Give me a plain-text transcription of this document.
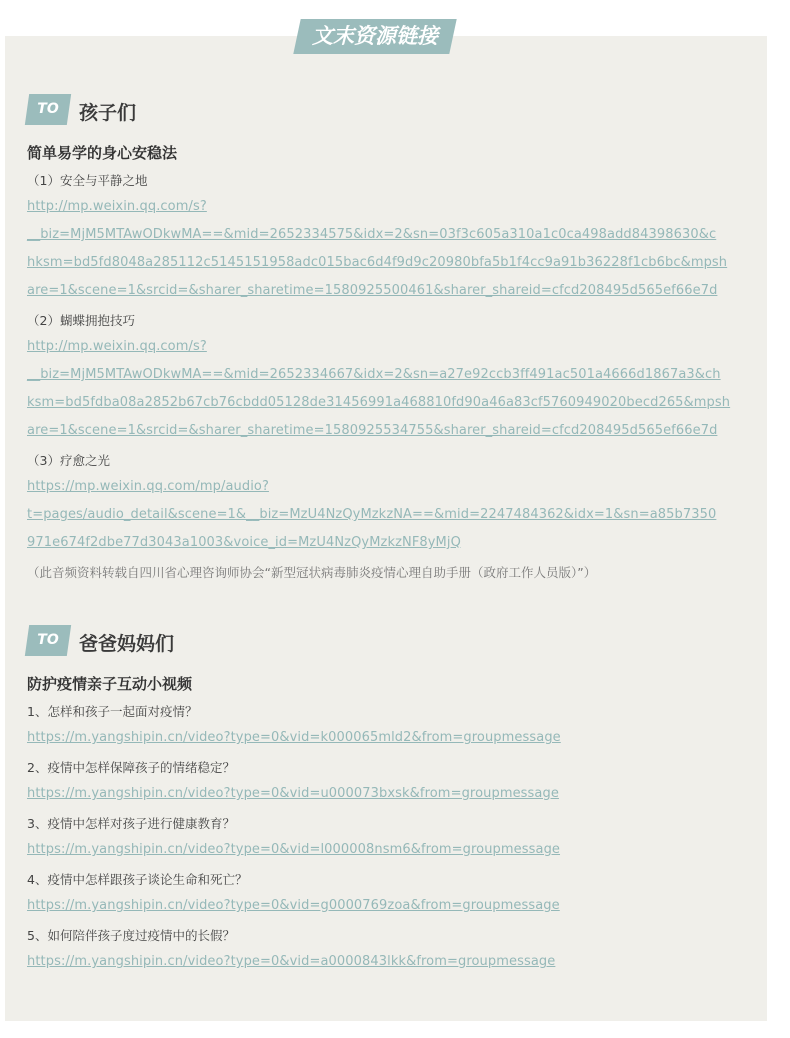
文末资源链接
TO	孩子们
简单易学的身心安稳法
（1）安全与平静之地
http://mp.weixin.qq.com/s?
__biz=MjM5MTAwODkwMA==&mid=2652334575&idx=2&sn=03f3c605a310a1c0ca498add84398630&c
hksm=bd5fd8048a285112c5145151958adc015bac6d4f9d9c20980bfa5b1f4cc9a91b36228f1cb6bc&mpsh
are=1&scene=1&srcid=&sharer_sharetime=1580925500461&sharer_shareid=cfcd208495d565ef66e7d
（2）蝴蝶拥抱技巧
http://mp.weixin.qq.com/s?
__biz=MjM5MTAwODkwMA==&mid=2652334667&idx=2&sn=a27e92ccb3ff491ac501a4666d1867a3&ch
ksm=bd5fdba08a2852b67cb76cbdd05128de31456991a468810fd90a46a83cf5760949020becd265&mpsh
are=1&scene=1&srcid=&sharer_sharetime=1580925534755&sharer_shareid=cfcd208495d565ef66e7d
（3）疗愈之光
https://mp.weixin.qq.com/mp/audio?
t=pages/audio_detail&scene=1&__biz=MzU4NzQyMzkzNA==&mid=2247484362&idx=1&sn=a85b7350
971e674f2dbe77d3043a1003&voice_id=MzU4NzQyMzkzNF8yMjQ
（此音频资料转载自四川省心理咨询师协会“新型冠状病毒肺炎疫情心理自助手册（政府工作人员版）”）
TO	爸爸妈妈们
防护疫情亲子互动小视频
1、怎样和孩子一起面对疫情？
https://m.yangshipin.cn/video?type=0&vid=k000065mld2&from=groupmessage
2、疫情中怎样保障孩子的情绪稳定？
https://m.yangshipin.cn/video?type=0&vid=u000073bxsk&from=groupmessage
3、疫情中怎样对孩子进行健康教育？
https://m.yangshipin.cn/video?type=0&vid=l000008nsm6&from=groupmessage
4、疫情中怎样跟孩子谈论生命和死亡？
https://m.yangshipin.cn/video?type=0&vid=g0000769zoa&from=groupmessage
5、如何陪伴孩子度过疫情中的长假？
https://m.yangshipin.cn/video?type=0&vid=a0000843lkk&from=groupmessage
